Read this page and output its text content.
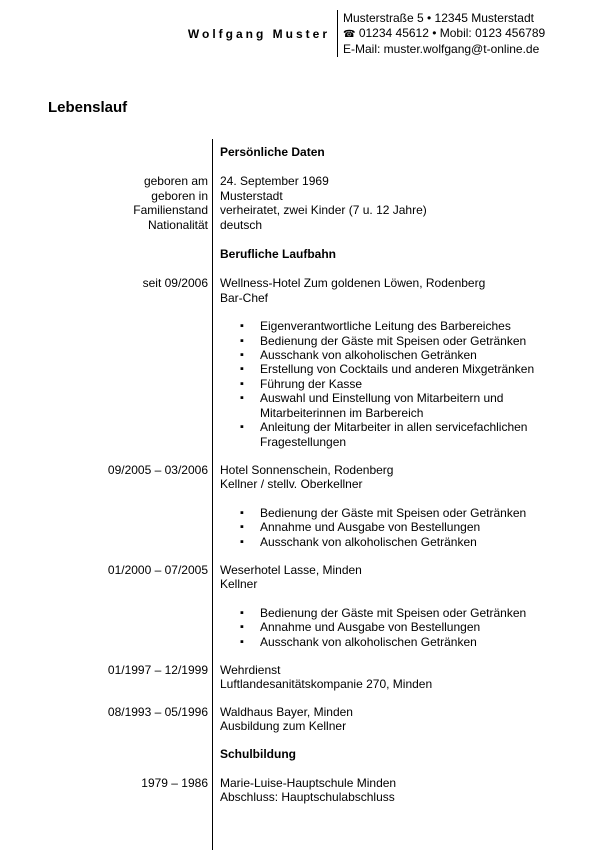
Wolfgang Muster
Musterstraße 5 • 12345 Musterstadt
☎ 01234 45612 • Mobil: 0123 456789
E-Mail: muster.wolfgang@t-online.de
Lebenslauf
Persönliche Daten
geboren am 24. September 1969
geboren in Musterstadt
Familienstand verheiratet, zwei Kinder (7 u. 12 Jahre)
Nationalität deutsch
Berufliche Laufbahn
seit 09/2006 Wellness-Hotel Zum goldenen Löwen, Rodenberg
Bar-Chef
▪ Eigenverantwortliche Leitung des Barbereiches
▪ Bedienung der Gäste mit Speisen oder Getränken
▪ Ausschank von alkoholischen Getränken
▪ Erstellung von Cocktails und anderen Mixgetränken
▪ Führung der Kasse
▪ Auswahl und Einstellung von Mitarbeitern und Mitarbeiterinnen im Barbereich
▪ Anleitung der Mitarbeiter in allen servicefachlichen Fragestellungen
09/2005 – 03/2006 Hotel Sonnenschein, Rodenberg
Kellner / stellv. Oberkellner
▪ Bedienung der Gäste mit Speisen oder Getränken
▪ Annahme und Ausgabe von Bestellungen
▪ Ausschank von alkoholischen Getränken
01/2000 – 07/2005 Weserhotel Lasse, Minden
Kellner
▪ Bedienung der Gäste mit Speisen oder Getränken
▪ Annahme und Ausgabe von Bestellungen
▪ Ausschank von alkoholischen Getränken
01/1997 – 12/1999 Wehrdienst
Luftlandesanitätskompanie 270, Minden
08/1993 – 05/1996 Waldhaus Bayer, Minden
Ausbildung zum Kellner
Schulbildung
1979 – 1986 Marie-Luise-Hauptschule Minden
Abschluss: Hauptschulabschluss
